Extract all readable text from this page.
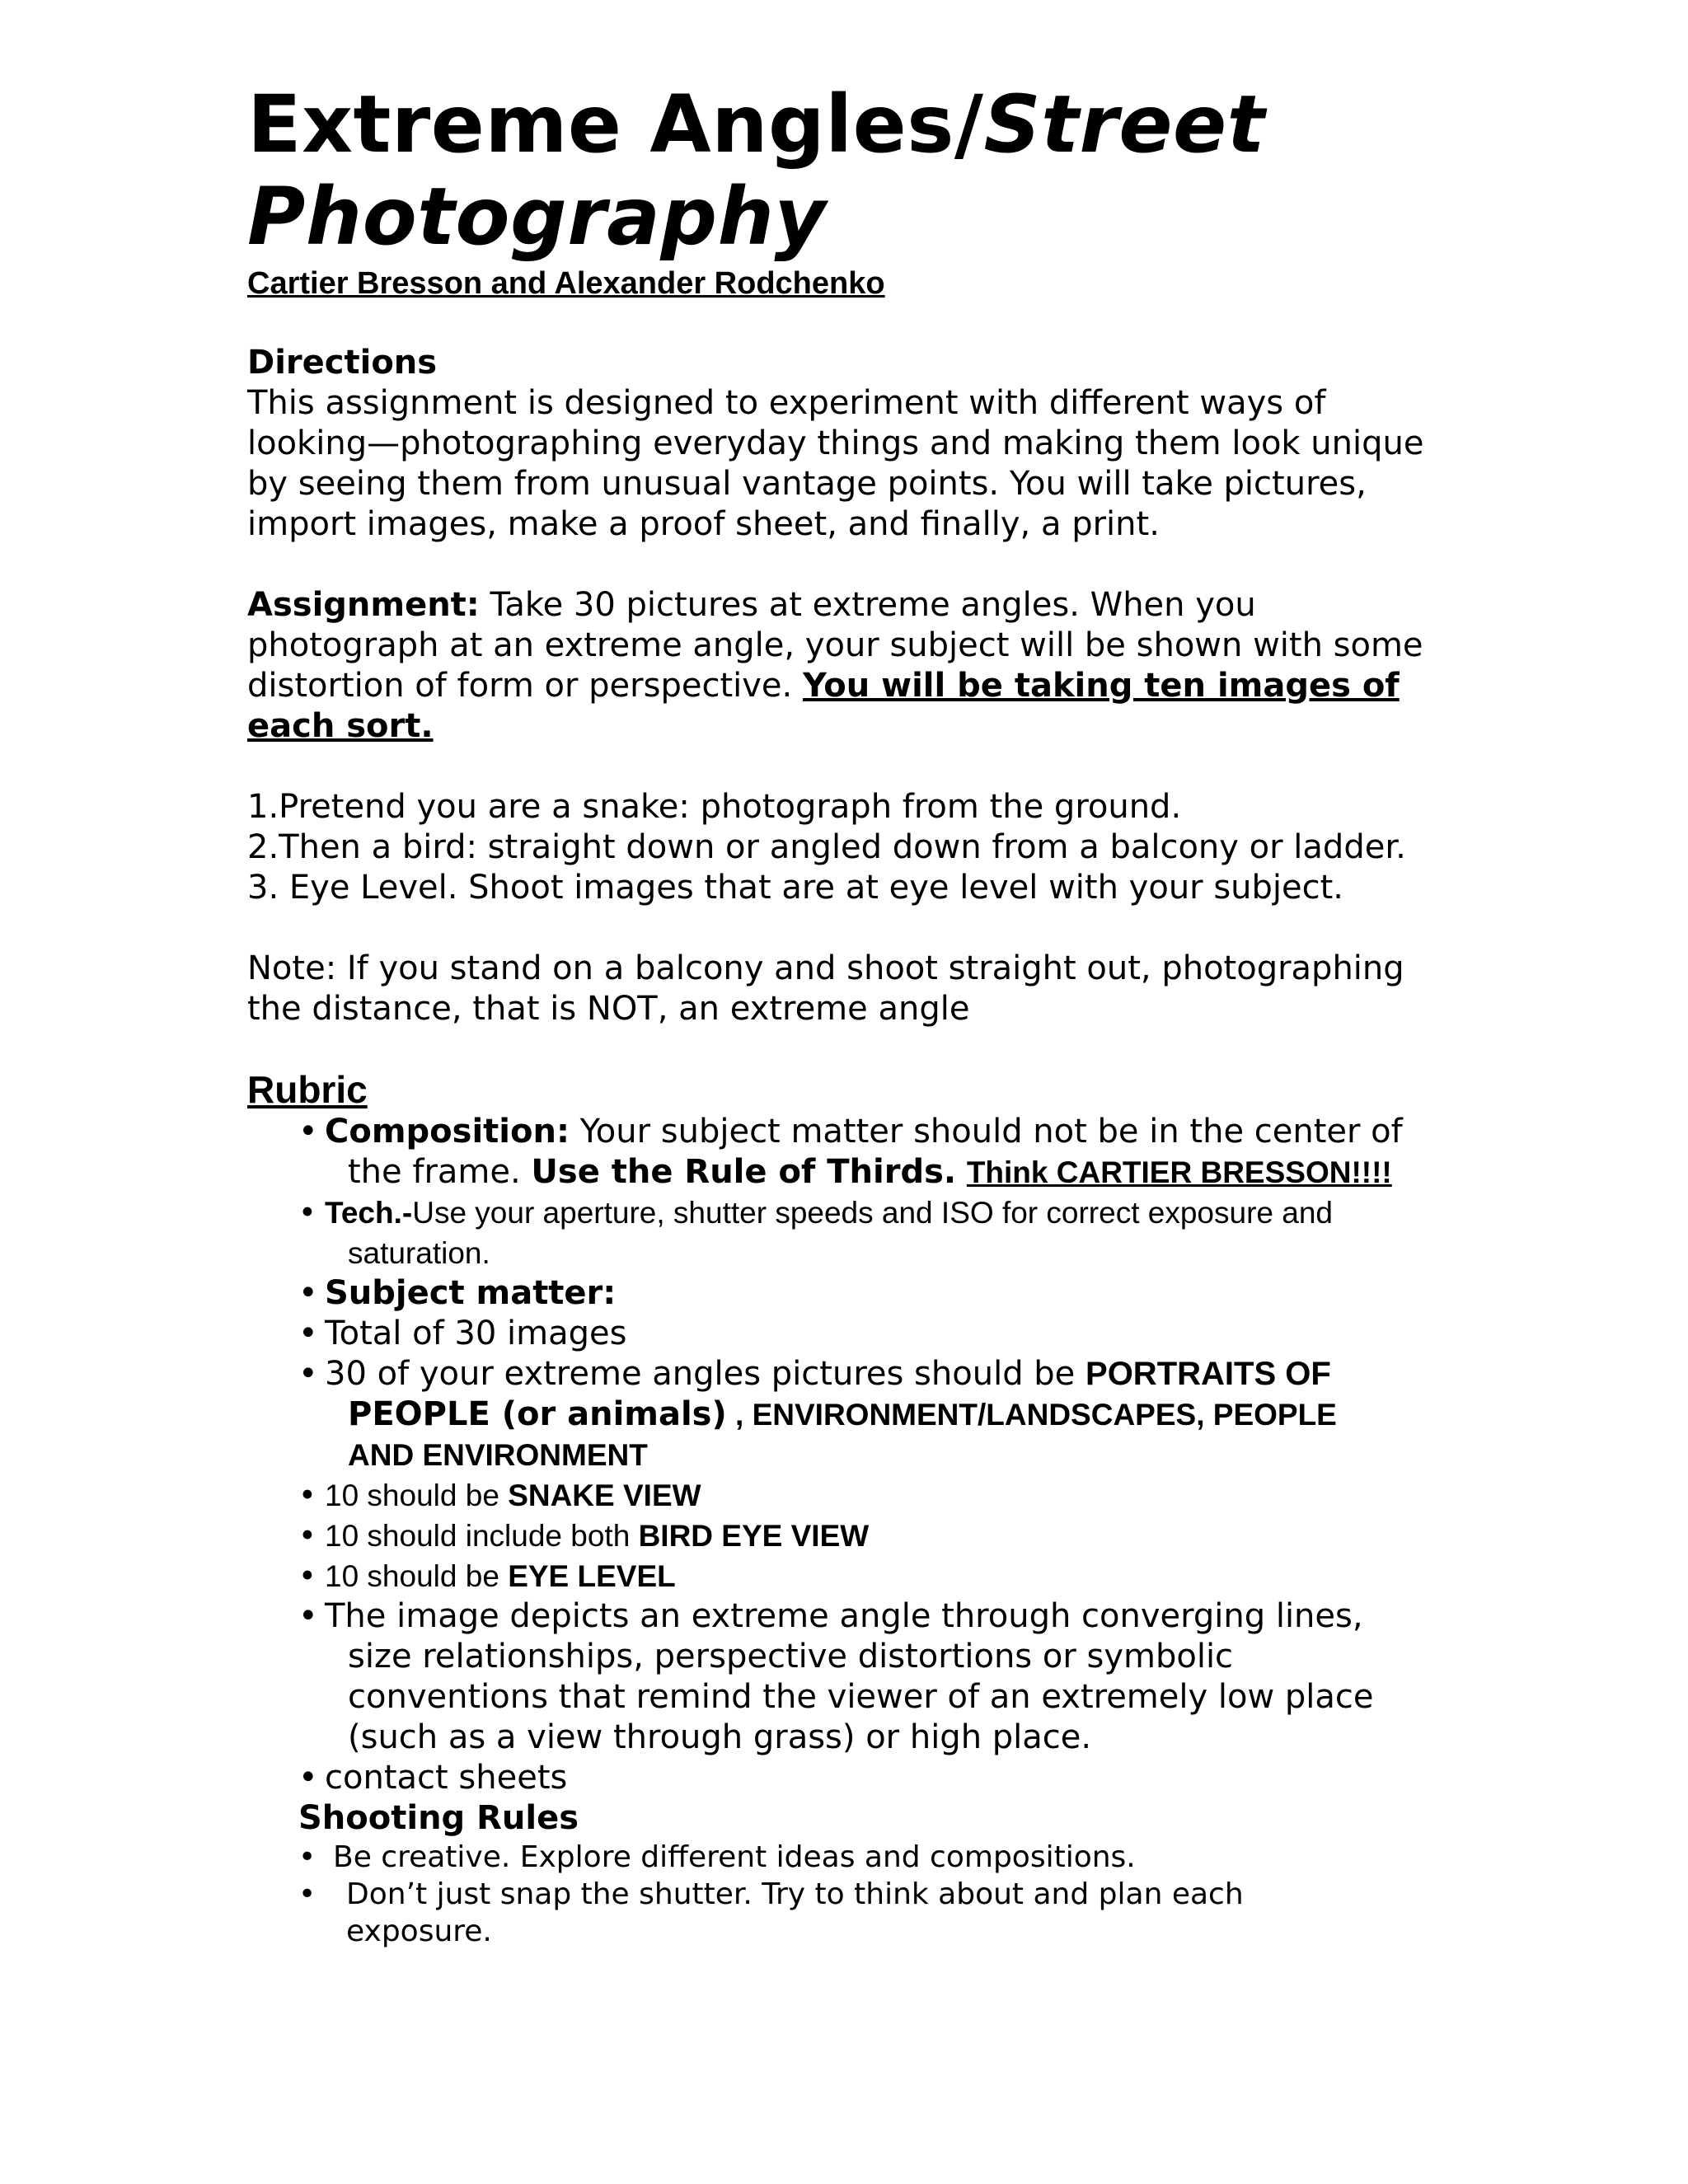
Extreme Angles/Street
Photography
Cartier Bresson and Alexander Rodchenko
Directions
This assignment is designed to experiment with different ways of
looking—photographing everyday things and making them look unique
by seeing them from unusual vantage points. You will take pictures,
import images, make a proof sheet, and finally, a print.
Assignment: Take 30 pictures at extreme angles. When you
photograph at an extreme angle, your subject will be shown with some
distortion of form or perspective. You will be taking ten images of
each sort.
1.Pretend you are a snake: photograph from the ground.
2.Then a bird: straight down or angled down from a balcony or ladder.
3. Eye Level. Shoot images that are at eye level with your subject.
Note: If you stand on a balcony and shoot straight out, photographing
the distance, that is NOT, an extreme angle
Rubric
• Composition: Your subject matter should not be in the center of
the frame. Use the Rule of Thirds. Think CARTIER BRESSON!!!!
• Tech.-Use your aperture, shutter speeds and ISO for correct exposure and
saturation.
• Subject matter:
• Total of 30 images
• 30 of your extreme angles pictures should be PORTRAITS OF
PEOPLE (or animals) , ENVIRONMENT/LANDSCAPES, PEOPLE
AND ENVIRONMENT
• 10 should be SNAKE VIEW
• 10 should include both BIRD EYE VIEW
• 10 should be EYE LEVEL
• The image depicts an extreme angle through converging lines,
size relationships, perspective distortions or symbolic
conventions that remind the viewer of an extremely low place
(such as a view through grass) or high place.
• contact sheets
Shooting Rules
• Be creative. Explore different ideas and compositions.
• Don’t just snap the shutter. Try to think about and plan each
exposure.
